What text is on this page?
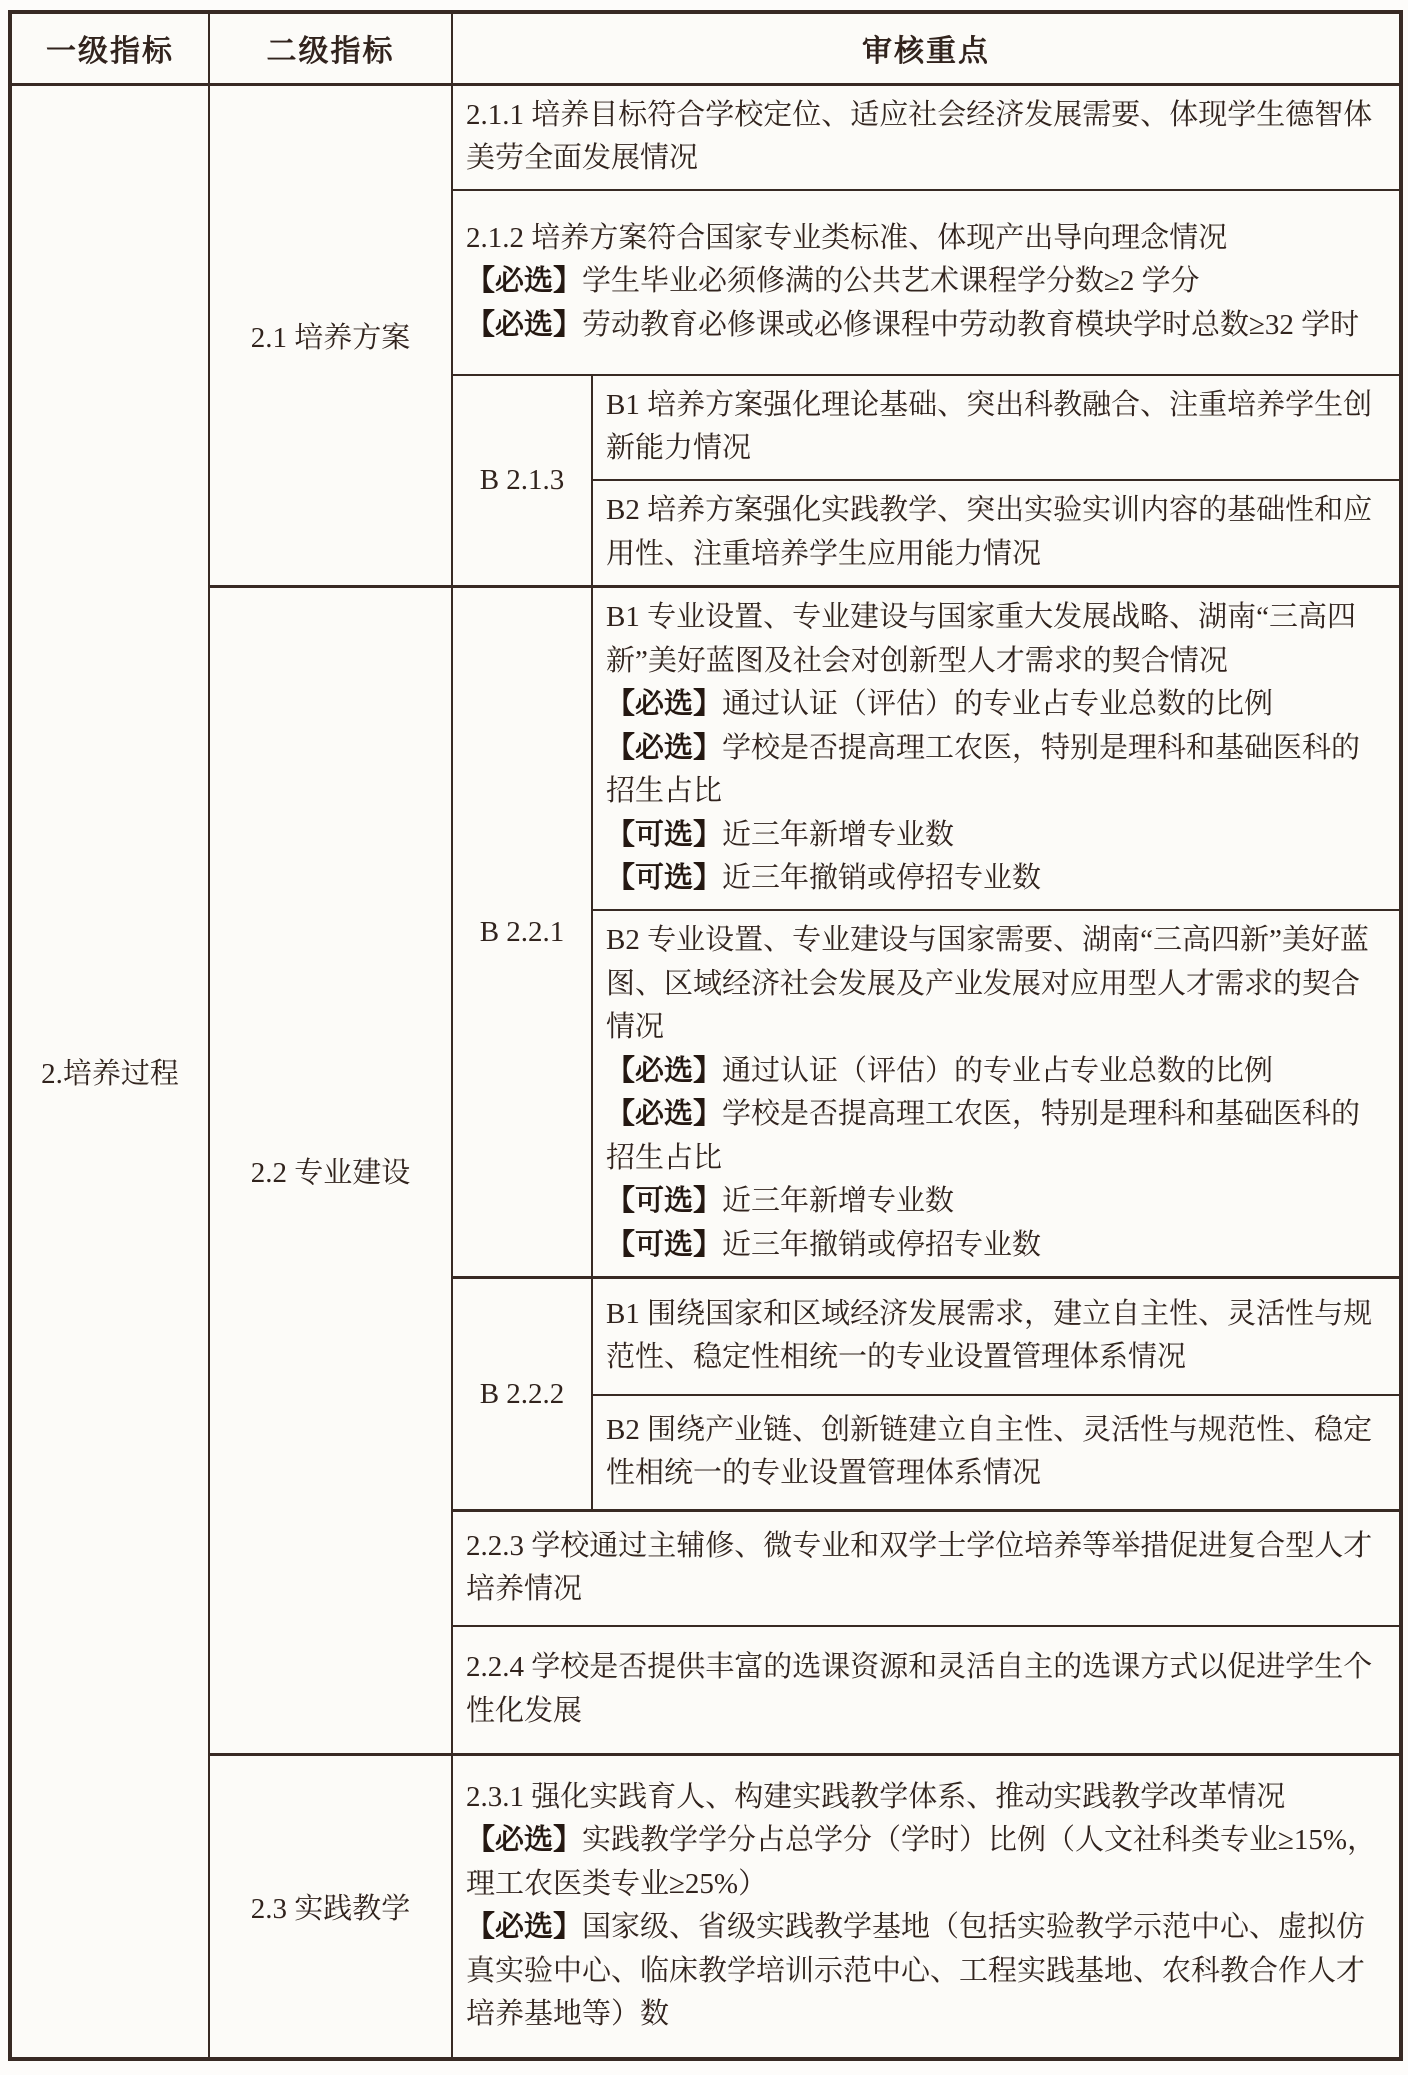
一级指标	二级指标	审核重点	
2.培养过程	2.1 培养方案	2.1.1 培养目标符合学校定位、适应社会经济发展需要、体现学生德智体美劳全面发展情况	

		2.1.2 培养方案符合国家专业类标准、体现产出导向理念情况
【必选】学生毕业必须修满的公共艺术课程学分数≥2 学分
【必选】劳动教育必修课或必修课程中劳动教育模块学时总数≥32 学时	

		B 2.1.3	B1 培养方案强化理论基础、突出科教融合、注重培养学生创新能力情况

			B2 培养方案强化实践教学、突出实验实训内容的基础性和应用性、注重培养学生应用能力情况

	2.2 专业建设	B 2.2.1	B1 专业设置、专业建设与国家重大发展战略、湖南“三高四新”美好蓝图及社会对创新型人才需求的契合情况
【必选】通过认证（评估）的专业占专业总数的比例
【必选】学校是否提高理工农医，特别是理科和基础医科的招生占比
【可选】近三年新增专业数
【可选】近三年撤销或停招专业数

			B2 专业设置、专业建设与国家需要、湖南“三高四新”美好蓝图、区域经济社会发展及产业发展对应用型人才需求的契合情况
【必选】通过认证（评估）的专业占专业总数的比例
【必选】学校是否提高理工农医，特别是理科和基础医科的招生占比
【可选】近三年新增专业数
【可选】近三年撤销或停招专业数

		B 2.2.2	B1 围绕国家和区域经济发展需求，建立自主性、灵活性与规范性、稳定性相统一的专业设置管理体系情况

			B2 围绕产业链、创新链建立自主性、灵活性与规范性、稳定性相统一的专业设置管理体系情况

		2.2.3 学校通过主辅修、微专业和双学士学位培养等举措促进复合型人才培养情况	

		2.2.4 学校是否提供丰富的选课资源和灵活自主的选课方式以促进学生个性化发展	

	2.3 实践教学	2.3.1 强化实践育人、构建实践教学体系、推动实践教学改革情况
【必选】实践教学学分占总学分（学时）比例（人文社科类专业≥15%，理工农医类专业≥25%）
【必选】国家级、省级实践教学基地（包括实验教学示范中心、虚拟仿真实验中心、临床教学培训示范中心、工程实践基地、农科教合作人才培养基地等）数	
